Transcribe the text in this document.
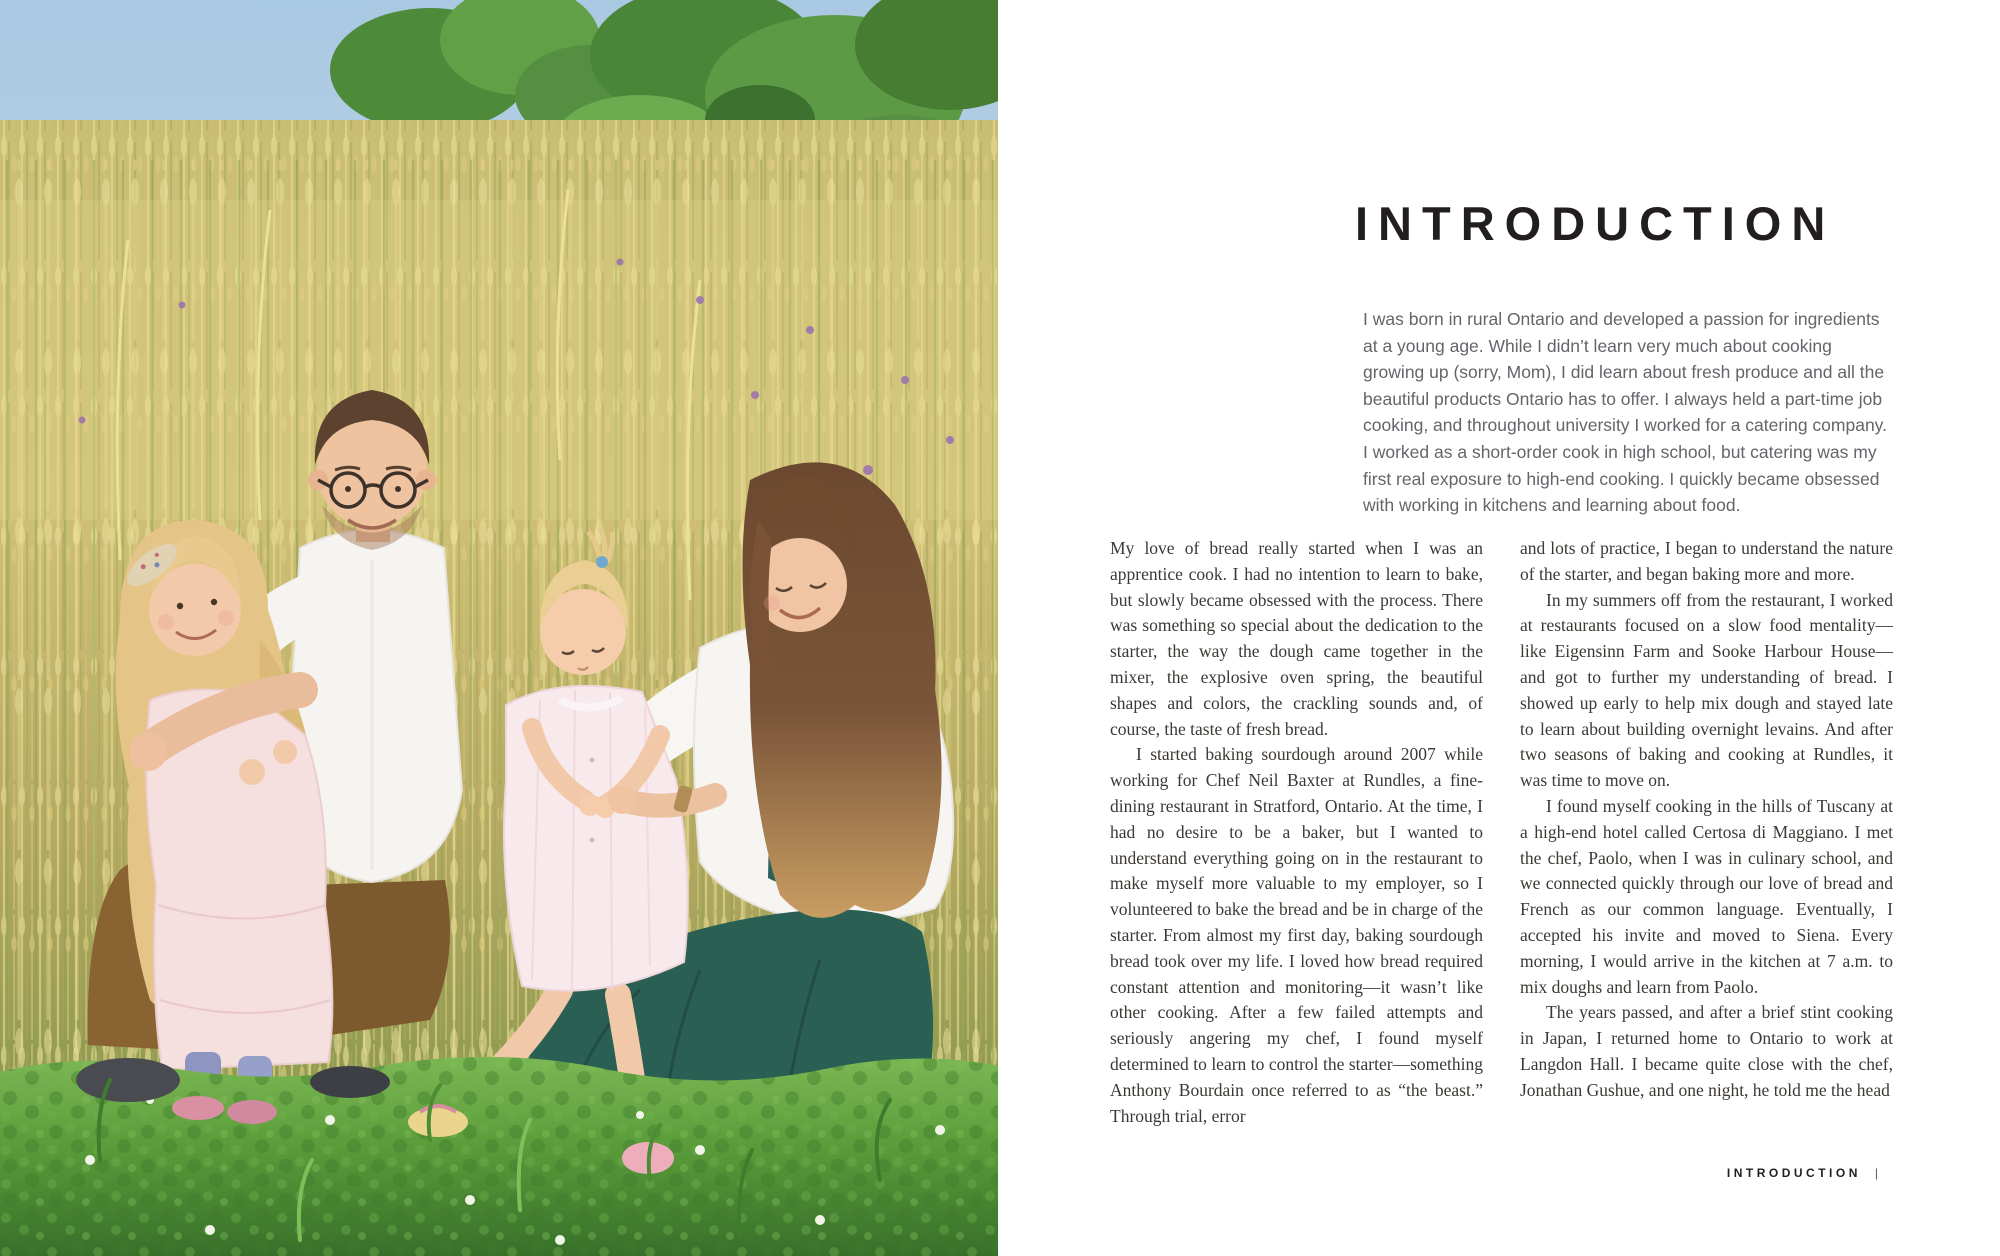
INTRODUCTION

I was born in rural Ontario and developed a passion for ingredients at a young age. While I didn’t learn very much about cooking growing up (sorry, Mom), I did learn about fresh produce and all the beautiful products Ontario has to offer. I always held a part-time job cooking, and throughout university I worked for a catering company. I worked as a short-order cook in high school, but catering was my first real exposure to high-end cooking. I quickly became obsessed with working in kitchens and learning about food.

My love of bread really started when I was an apprentice cook. I had no intention to learn to bake, but slowly became obsessed with the process. There was something so special about the dedication to the starter, the way the dough came together in the mixer, the explosive oven spring, the beautiful shapes and colors, the crackling sounds and, of course, the taste of fresh bread.

I started baking sourdough around 2007 while working for Chef Neil Baxter at Rundles, a fine-dining restaurant in Stratford, Ontario. At the time, I had no desire to be a baker, but I wanted to understand everything going on in the restaurant to make myself more valuable to my employer, so I volunteered to bake the bread and be in charge of the starter. From almost my first day, baking sourdough bread took over my life. I loved how bread required constant attention and monitoring—it wasn’t like other cooking. After a few failed attempts and seriously angering my chef, I found myself determined to learn to control the starter—something Anthony Bourdain once referred to as “the beast.” Through trial, error

and lots of practice, I began to understand the nature of the starter, and began baking more and more.

In my summers off from the restaurant, I worked at restaurants focused on a slow food mentality—like Eigensinn Farm and Sooke Harbour House—and got to further my understanding of bread. I showed up early to help mix dough and stayed late to learn about building overnight levains. And after two seasons of baking and cooking at Rundles, it was time to move on.

I found myself cooking in the hills of Tuscany at a high-end hotel called Certosa di Maggiano. I met the chef, Paolo, when I was in culinary school, and we connected quickly through our love of bread and French as our common language. Eventually, I accepted his invite and moved to Siena. Every morning, I would arrive in the kitchen at 7 a.m. to mix doughs and learn from Paolo.

The years passed, and after a brief stint cooking in Japan, I returned home to Ontario to work at Langdon Hall. I became quite close with the chef, Jonathan Gushue, and one night, he told me the head

INTRODUCTION |
